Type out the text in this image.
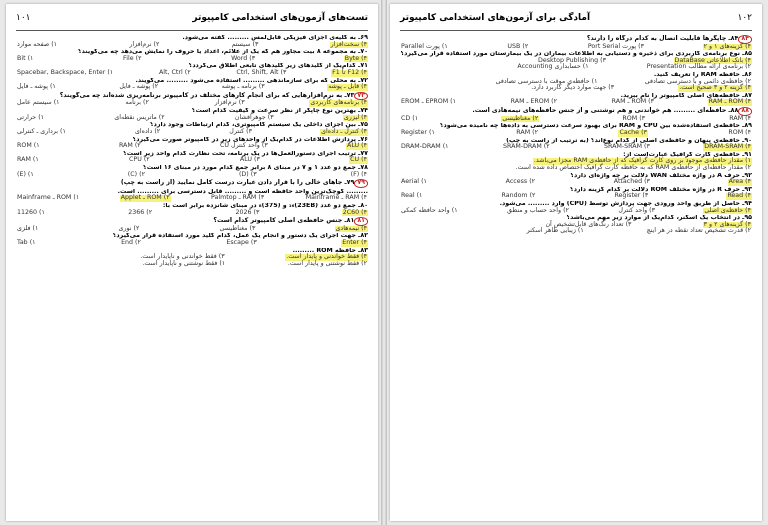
تست‌های آزمون‌های استخدامی کامپیوتر
۱۰۱
۶۹ـ به کلیه‌ی اجزای فیزیکی قابل‌لمس ......... گفته می‌شود.
۴) سخت‌افزار
۳) سیستم
۲) نرم‌افزار
۱) صفحه موارد
۷۰ـ به مجموعه ۸ بیت مجاور هم که یک از علائم، اعداد یا حروف را نمایش می‌دهد چه می‌گویند؟
۴) Byte
۳) Word
۲) File
۱) Bit
۷۱ـ کدام‌یک از کلیدهای زیر کلیدهای تابعی اطلاق می‌گردد؟
۴) F12 تا F1
۳) Ctrl, Shift, Alt
۲) Alt, Ctrl
۱) Spacebar, Backspace, Enter
۷۲ـ به محلی که برای سازماندهی ......... استفاده می‌شود ......... می‌گویند.
۴) قابل ـ پوشه
۳) برنامه ـ پوشه
۲) پوشه ـ فایل
۱) پوشه ـ فایل
۷۳۷۳ـ به نرم‌افزارهایی که برای انجام کارهای مختلف در کامپیوتر برنامه‌ریزی شده‌اند چه می‌گویند؟
۴) برنامه‌های کاربردی
۳) نرم‌افزار
۲) برنامه
۱) سیستم عامل
۷۴ـ بهترین نوع چاپگر از نظر سرعت و کیفیت کدام است؟
۴) لیزری
۳) جوهرافشان
۲) ماتریس نقطه‌ای
۱) حرارتی
۷۵ـ بین اجزای داخلی یک سیستم کامپیوتری، کدام ارتباطات وجود دارد؟
۴) کنترل ـ داده‌ای
۳) کنترل
۲) داده‌ای
۱) برداری ـ کنترلی
۷۶ـ پردازش اطلاعات در کدام‌یک از واحدهای زیر در کامپیوتر صورت می‌گیرد؟
۴) ALU
۳) واحد کنترل CU
۲) RAM
۱) ROM
۷۷ـ ترتیب اجرای دستورالعمل‌ها در یک برنامه، تحت نظارت کدام واحد زیر است؟
۴) CU
۳) ALU
۲) CPU
۱) RAM
۷۸ـ جمع دو عدد ۱ و ۷ در مبنای ۸ برابر جمع کدام مورد در مبنای ۱۶ است؟
۴) (F)
۳) (D)
۲) (C)
۱) (E)
۷۹۷۹ـ جاهای خالی را با قرار دادن عبارت درست کامل نمایید (از راست به چپ)
......... کوچک‌ترین واحد حافظه است و ......... قابل دسترسی برای ......... است.
۴) RAM ـ Mainframe
۳) RAM ـ Palmtop
۲) ROM ـ Applet
۱) ROM ـ Mainframe
۸۰ـ جمع دو عدد (23EB)₁₆ و (375)₈ در مبنای شانزده برابر است با:
۴) 2C60
۳) 2026
۲) 2366
۱) 11260
۸۱۸۱ـ جنس حافظه‌ی اصلی کامپیوتر کدام است؟
۴) نیمه‌هادی
۳) مغناطیسی
۲) نوری
۱) فلزی
۸۲ـ جهت اجرای یک دستور و انجام یک عمل، کدام کلید مورد استفاده قرار می‌گیرد؟
۴) Enter
۳) Escape
۲) End
۱) Tab
۸۳ـ حافظه ROM .........
۴) فقط خواندنی و پایدار است.
۳) فقط خواندنی و ناپایدار است.
۲) فقط نوشتنی و پایدار است.
۱) فقط نوشتنی و ناپایدار است.
آمادگی برای آزمون‌های استخدامی کامپیوتر	۱۰۲
۸۴۸۴ـ چاپگرها قابلیت اتصال به کدام درگاه را دارند؟
۴) گزینه‌های ۱ و ۲
۳) پورت Port Serial
۲) USB
۱) پورت Parallel
۸۵ـ نوع برنامه‌ی کاربردی برای ذخیره و دستیابی به اطلاعات بیماران در یک بیمارستان مورد استفاده قرار می‌گیرد؟
۴) بانک اطلاعاتی DataBase
۳) Desktop Publishing
۲) برنامه‌ی ارائه مطالب Presentation
۱) حسابداری Accounting
۸۶ـ حافظه RAM را تعریف کنید.
۲) حافظه‌ی دائمی و با دسترسی تصادفی
۱) حافظه‌ی موقت با دسترسی تصادفی
۴) گزینه ۲ و ۳ صحیح است.
۳) جهت موارد دیگر کاربرد دارد.
۸۷ـ حافظه‌های اصلی کامپیوتر را نام ببرید.
۴) ROM ـ RAM
۳) ROM ـ RAM
۲) EROM ـ RAM
۱) EPROM ـ EROM
۸۸۸۸ـ حافظه‌ای ......... هم خواندنی و هم نوشتنی و از جنس حافظه‌های نیمه‌هادی است.
۴) RAM
۳) ROM
۲) مغناطیسی
۱) CD
۸۹ـ حافظه‌ی استفاده‌شده بین CPU و RAM برای بهبود سرعت دسترسی به داده‌ها چه نامیده می‌شود؟
۴) ROM
۳) Cache
۲) RAM
۱) Register
۹۰ـ حافظه‌ی پنهان و حافظه‌ی اصلی از کدام نوع‌اند؟ (به ترتیب از راست به چپ)
۴) DRAM-SRAM
۳) SRAM-SRAM
۲) SRAM-DRAM
۱) DRAM-DRAM
۹۱ـ حافظه‌ی کارت گرافیک عبارت‌است از:
۱) مقدار حافظه‌ی موجود بر روی کارت گرافیک که از حافظه‌ی RAM مجزا می‌باشد.
۲) مقدار حافظه‌ای از حافظه‌ی RAM که به حافظه کارت گرافیک اختصاص داده شده است.
۹۲ـ حرف A در واژه مختلف WAN دلالت بر چه واژه‌ای دارد؟
۴) Area
۳) Attached
۲) Access
۱) Aerial
۹۳ـ حرف R در واژه مختلف ROM دلالت بر کدام گزینه دارد؟
۴) Read
۳) Register
۲) Random
۱) Real
۹۴ـ حاصل از طریق واحد ورودی جهت پردازش توسط (CPU) وارد ......... می‌شود.
۴) حافظه‌ی اصلی
۳) واحد کنترل
۲) واحد حساب و منطق
۱) واحد حافظه کمکی
۹۵ـ در انتخاب یک اسکنر، کدام‌یک از موارد زیر مهم می‌باشد؟
۴) گزینه‌های ۲ و ۳
۳) تعداد رنگ‌های قابل‌تشخیص آن
۲) قدرت تشخیص تعداد نقطه در هر اینچ
۱) زیبایی ظاهر اسکنر
